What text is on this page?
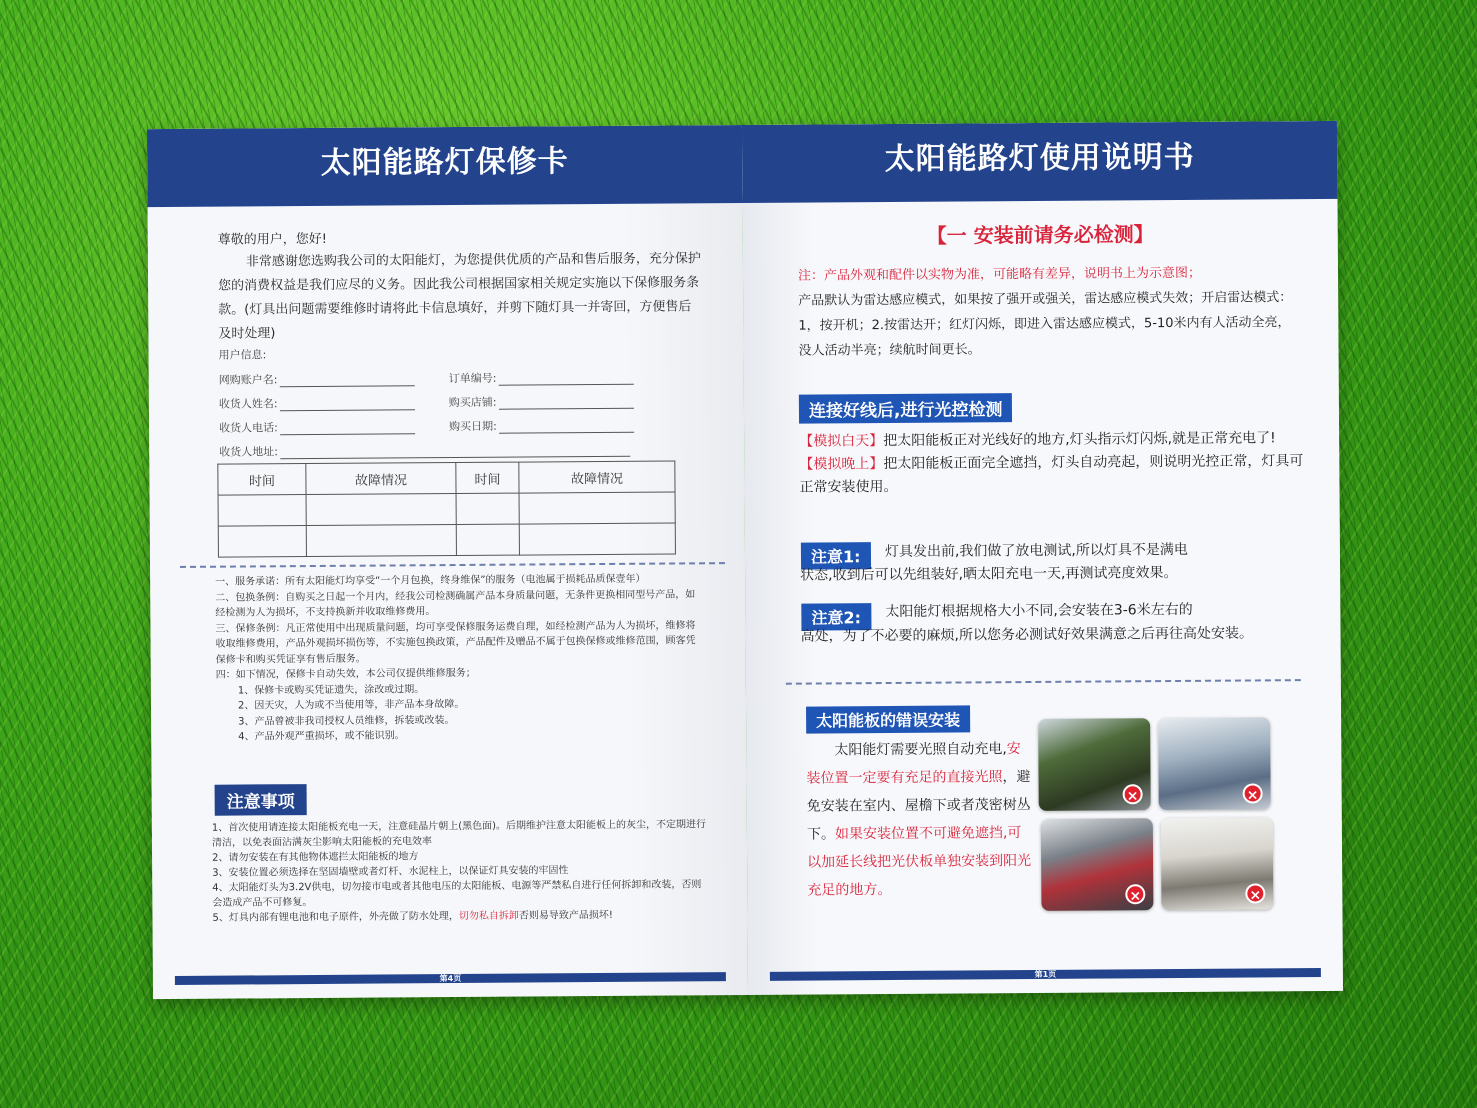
太阳能路灯保修卡
尊敬的用户，您好!
非常感谢您选购我公司的太阳能灯，为您提供优质的产品和售后服务，充分保护您的消费权益是我们应尽的义务。因此我公司根据国家相关规定实施以下保修服务条款。(灯具出问题需要维修时请将此卡信息填好，并剪下随灯具一并寄回，方便售后及时处理)
用户信息:
网购账户名:	订单编号:
收货人姓名:	购买店铺:
收货人电话:	购买日期:
收货人地址:
时间	故障情况	时间	故障情况

一、服务承诺：所有太阳能灯均享受“一个月包换，终身维保”的服务（电池属于损耗品质保壹年）

二、包换条例：自购买之日起一个月内，经我公司检测确属产品本身质量问题，无条件更换相同型号产品，如经检测为人为损坏，不支持换新并收取维修费用。

三、保修条例：凡正常使用中出现质量问题，均可享受保修服务运费自理，如经检测产品为人为损坏，维修将收取维修费用，产品外观损坏损伤等，不实施包换政策，产品配件及赠品不属于包换保修或维修范围，顾客凭保修卡和购买凭证享有售后服务。

四：如下情况，保修卡自动失效，本公司仅提供维修服务；

1、保修卡或购买凭证遗失，涂改或过期。

2、因天灾，人为或不当使用等，非产品本身故障。

3、产品曾被非我司授权人员维修，拆装或改装。

4、产品外观严重损坏，或不能识别。

注意事项

1、首次使用请连接太阳能板充电一天，注意硅晶片朝上(黑色面)。后期维护注意太阳能板上的灰尘，不定期进行清洁，以免表面沾满灰尘影响太阳能板的充电效率

2、请勿安装在有其他物体遮拦太阳能板的地方

3、安装位置必须选择在坚固墙壁或者灯杆、水泥柱上，以保证灯具安装的牢固性

4、太阳能灯头为3.2V供电，切勿接市电或者其他电压的太阳能板、电源等严禁私自进行任何拆卸和改装，否则会造成产品不可修复。

5、灯具内部有锂电池和电子原件，外壳做了防水处理，切勿私自拆卸否则易导致产品损坏!

第4页
太阳能路灯使用说明书
【一 安装前请务必检测】
注：产品外观和配件以实物为准，可能略有差异，说明书上为示意图；
产品默认为雷达感应模式，如果按了强开或强关，雷达感应模式失效；开启雷达模式：1，按开机；2.按雷达开；红灯闪烁，即进入雷达感应模式，5-10米内有人活动全亮，没人活动半亮；续航时间更长。
连接好线后,进行光控检测
【模拟白天】把太阳能板正对光线好的地方,灯头指示灯闪烁,就是正常充电了!
【模拟晚上】把太阳能板正面完全遮挡，灯头自动亮起，则说明光控正常，灯具可正常安装使用。
注意1:	灯具发出前,我们做了放电测试,所以灯具不是满电
状态,收到后可以先组装好,晒太阳充电一天,再测试亮度效果。
注意2:	太阳能灯根据规格大小不同,会安装在3-6米左右的
高处，为了不必要的麻烦,所以您务必测试好效果满意之后再往高处安装。
太阳能板的错误安装
太阳能灯需要光照自动充电,安装位置一定要有充足的直接光照，避免安装在室内、屋檐下或者茂密树丛下。如果安装位置不可避免遮挡,可以加延长线把光伏板单独安装到阳光充足的地方。
×	×
×	×
第1页
